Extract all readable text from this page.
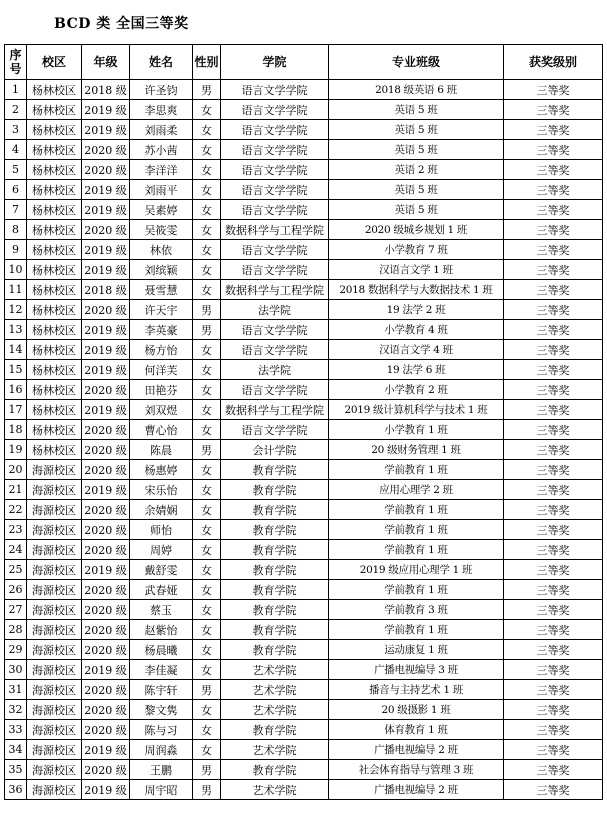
BCD 类 全国三等奖
序号	校区	年级	姓名	性别	学院	专业班级	获奖级别
1	杨林校区	2018 级	许圣钧	男	语言文学学院	2018 级英语 6 班	三等奖
2	杨林校区	2019 级	李思爽	女	语言文学学院	英语 5 班	三等奖
3	杨林校区	2019 级	刘雨柔	女	语言文学学院	英语 5 班	三等奖
4	杨林校区	2020 级	苏小茜	女	语言文学学院	英语 5 班	三等奖
5	杨林校区	2020 级	李洋洋	女	语言文学学院	英语 2 班	三等奖
6	杨林校区	2019 级	刘雨平	女	语言文学学院	英语 5 班	三等奖
7	杨林校区	2019 级	吴素婷	女	语言文学学院	英语 5 班	三等奖
8	杨林校区	2020 级	吴筱雯	女	数据科学与工程学院	2020 级城乡规划 1 班	三等奖
9	杨林校区	2019 级	林依	女	语言文学学院	小学教育 7 班	三等奖
10	杨林校区	2019 级	刘缤颖	女	语言文学学院	汉语言文学 1 班	三等奖
11	杨林校区	2018 级	聂雪慧	女	数据科学与工程学院	2018 数据科学与大数据技术 1 班	三等奖
12	杨林校区	2020 级	许天宇	男	法学院	19 法学 2 班	三等奖
13	杨林校区	2019 级	李英豪	男	语言文学学院	小学教育 4 班	三等奖
14	杨林校区	2019 级	杨方怡	女	语言文学学院	汉语言文学 4 班	三等奖
15	杨林校区	2019 级	何洋芙	女	法学院	19 法学 6 班	三等奖
16	杨林校区	2020 级	田艳芬	女	语言文学学院	小学教育 2 班	三等奖
17	杨林校区	2019 级	刘双煜	女	数据科学与工程学院	2019 级计算机科学与技术 1 班	三等奖
18	杨林校区	2020 级	曹心怡	女	语言文学学院	小学教育 1 班	三等奖
19	杨林校区	2020 级	陈晨	男	会计学院	20 级财务管理 1 班	三等奖
20	海源校区	2020 级	杨惠婷	女	教育学院	学前教育 1 班	三等奖
21	海源校区	2019 级	宋乐怡	女	教育学院	应用心理学 2 班	三等奖
22	海源校区	2020 级	余婧娴	女	教育学院	学前教育 1 班	三等奖
23	海源校区	2020 级	师怡	女	教育学院	学前教育 1 班	三等奖
24	海源校区	2020 级	周婷	女	教育学院	学前教育 1 班	三等奖
25	海源校区	2019 级	戴舒雯	女	教育学院	2019 级应用心理学 1 班	三等奖
26	海源校区	2020 级	武春娅	女	教育学院	学前教育 1 班	三等奖
27	海源校区	2020 级	蔡玉	女	教育学院	学前教育 3 班	三等奖
28	海源校区	2020 级	赵紫怡	女	教育学院	学前教育 1 班	三等奖
29	海源校区	2020 级	杨晨曦	女	教育学院	运动康复 1 班	三等奖
30	海源校区	2019 级	李佳凝	女	艺术学院	广播电视编导 3 班	三等奖
31	海源校区	2020 级	陈宇轩	男	艺术学院	播音与主持艺术 1 班	三等奖
32	海源校区	2020 级	黎文隽	女	艺术学院	20 级摄影 1 班	三等奖
33	海源校区	2020 级	陈与习	女	教育学院	体育教育 1 班	三等奖
34	海源校区	2019 级	周润淼	女	艺术学院	广播电视编导 2 班	三等奖
35	海源校区	2020 级	王鹏	男	教育学院	社会体育指导与管理 3 班	三等奖
36	海源校区	2019 级	周宇昭	男	艺术学院	广播电视编导 2 班	三等奖
